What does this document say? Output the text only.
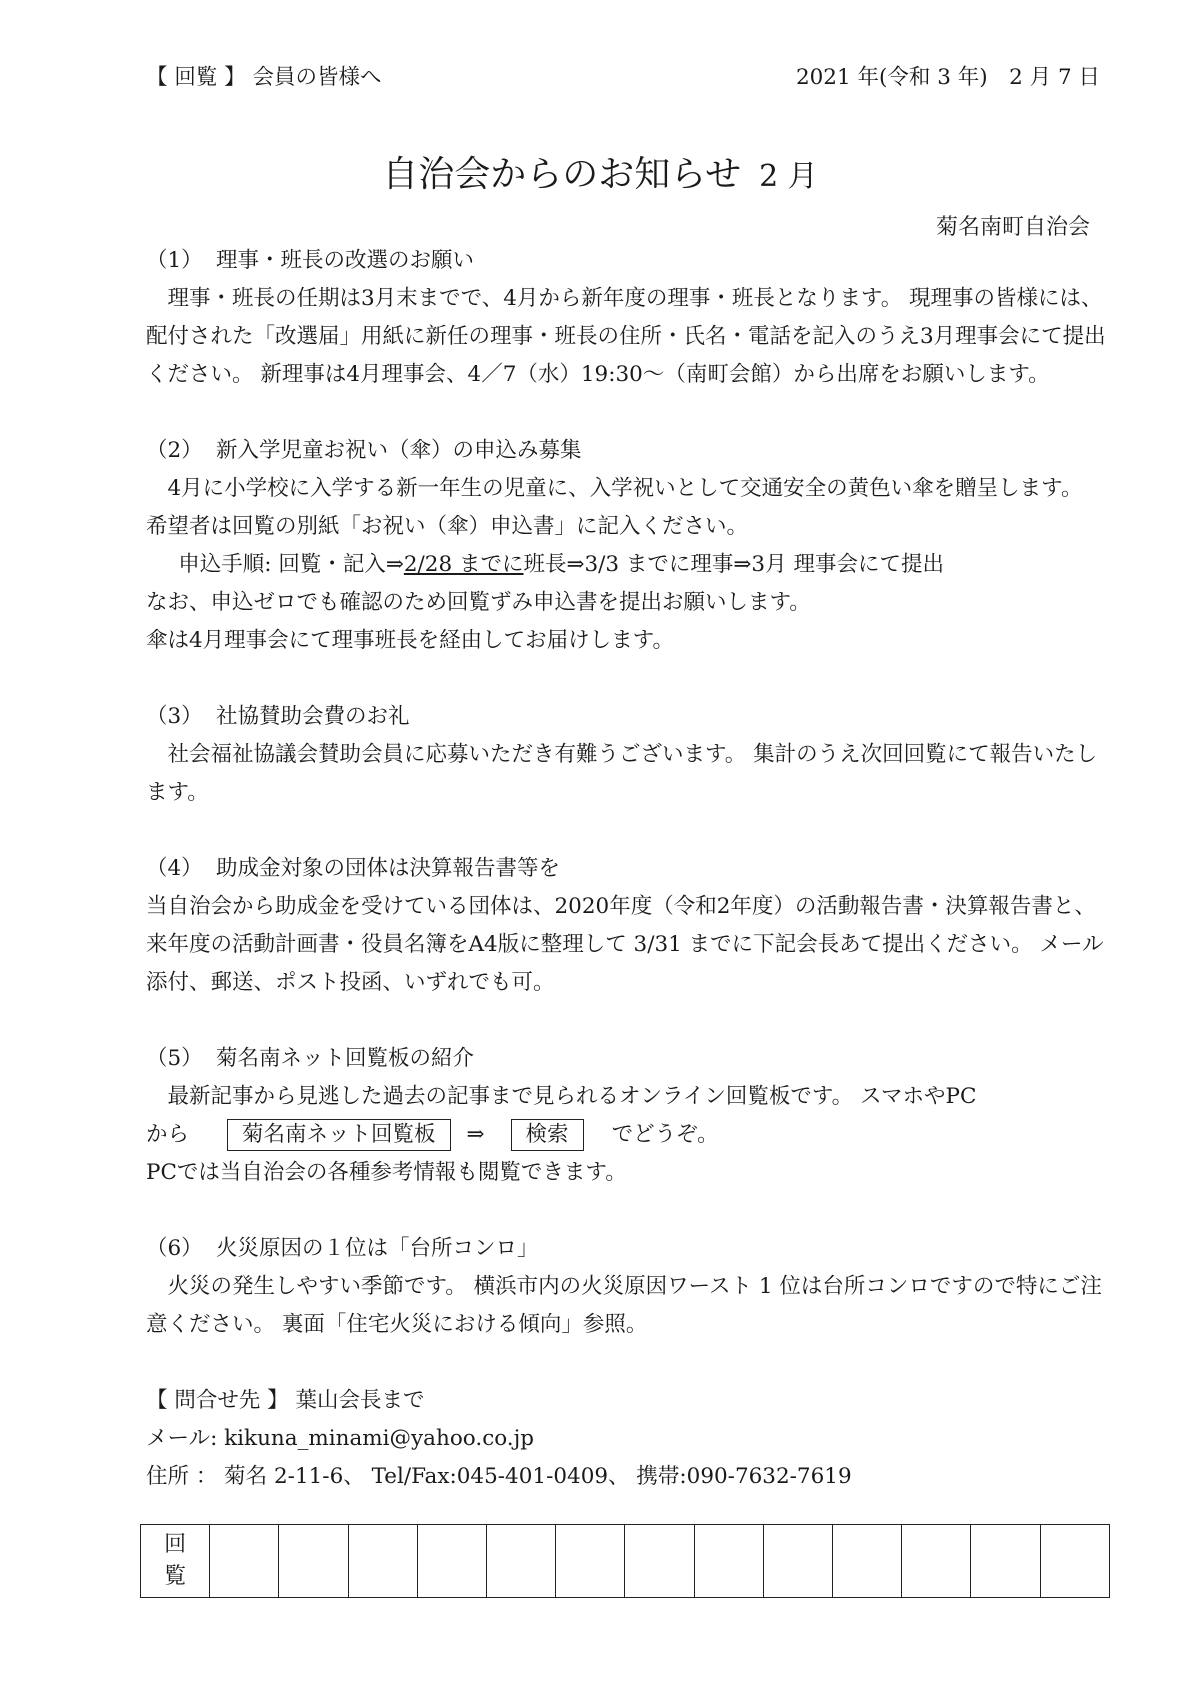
【 回覧 】 会員の皆様へ	2021 年(令和 3 年)　2 月 7 日
自治会からのお知らせ 2 月
菊名南町自治会

（1） 理事・班長の改選のお願い

理事・班長の任期は3月末までで、4月から新年度の理事・班長となります。 現理事の皆様には、配付された「改選届」用紙に新任の理事・班長の住所・氏名・電話を記入のうえ3月理事会にて提出ください。 新理事は4月理事会、4／7（水）19:30～（南町会館）から出席をお願いします。

（2） 新入学児童お祝い（傘）の申込み募集

4月に小学校に入学する新一年生の児童に、入学祝いとして交通安全の黄色い傘を贈呈します。 希望者は回覧の別紙「お祝い（傘）申込書」に記入ください。

申込手順: 回覧・記入⇒2/28 までに班長⇒3/3 までに理事⇒3月 理事会にて提出

なお、申込ゼロでも確認のため回覧ずみ申込書を提出お願いします。

傘は4月理事会にて理事班長を経由してお届けします。

（3） 社協賛助会費のお礼

社会福祉協議会賛助会員に応募いただき有難うございます。 集計のうえ次回回覧にて報告いたします。

（4） 助成金対象の団体は決算報告書等を

当自治会から助成金を受けている団体は、2020年度（令和2年度）の活動報告書・決算報告書と、来年度の活動計画書・役員名簿をA4版に整理して 3/31 までに下記会長あて提出ください。 メール添付、郵送、ポスト投函、いずれでも可。

（5） 菊名南ネット回覧板の紹介

最新記事から見逃した過去の記事まで見られるオンライン回覧板です。 スマホやPC

から 菊名南ネット回覧板 ⇒ 検索 でどうぞ。

PCでは当自治会の各種参考情報も閲覧できます。

（6） 火災原因の１位は「台所コンロ」

火災の発生しやすい季節です。 横浜市内の火災原因ワースト 1 位は台所コンロですので特にご注意ください。 裏面「住宅火災における傾向」参照。

【 問合せ先 】 葉山会長まで

メール: kikuna_minami@yahoo.co.jp

住所 ： 菊名 2-11-6、 Tel/Fax:045-401-0409、 携帯:090-7632-7619

回
覧													
